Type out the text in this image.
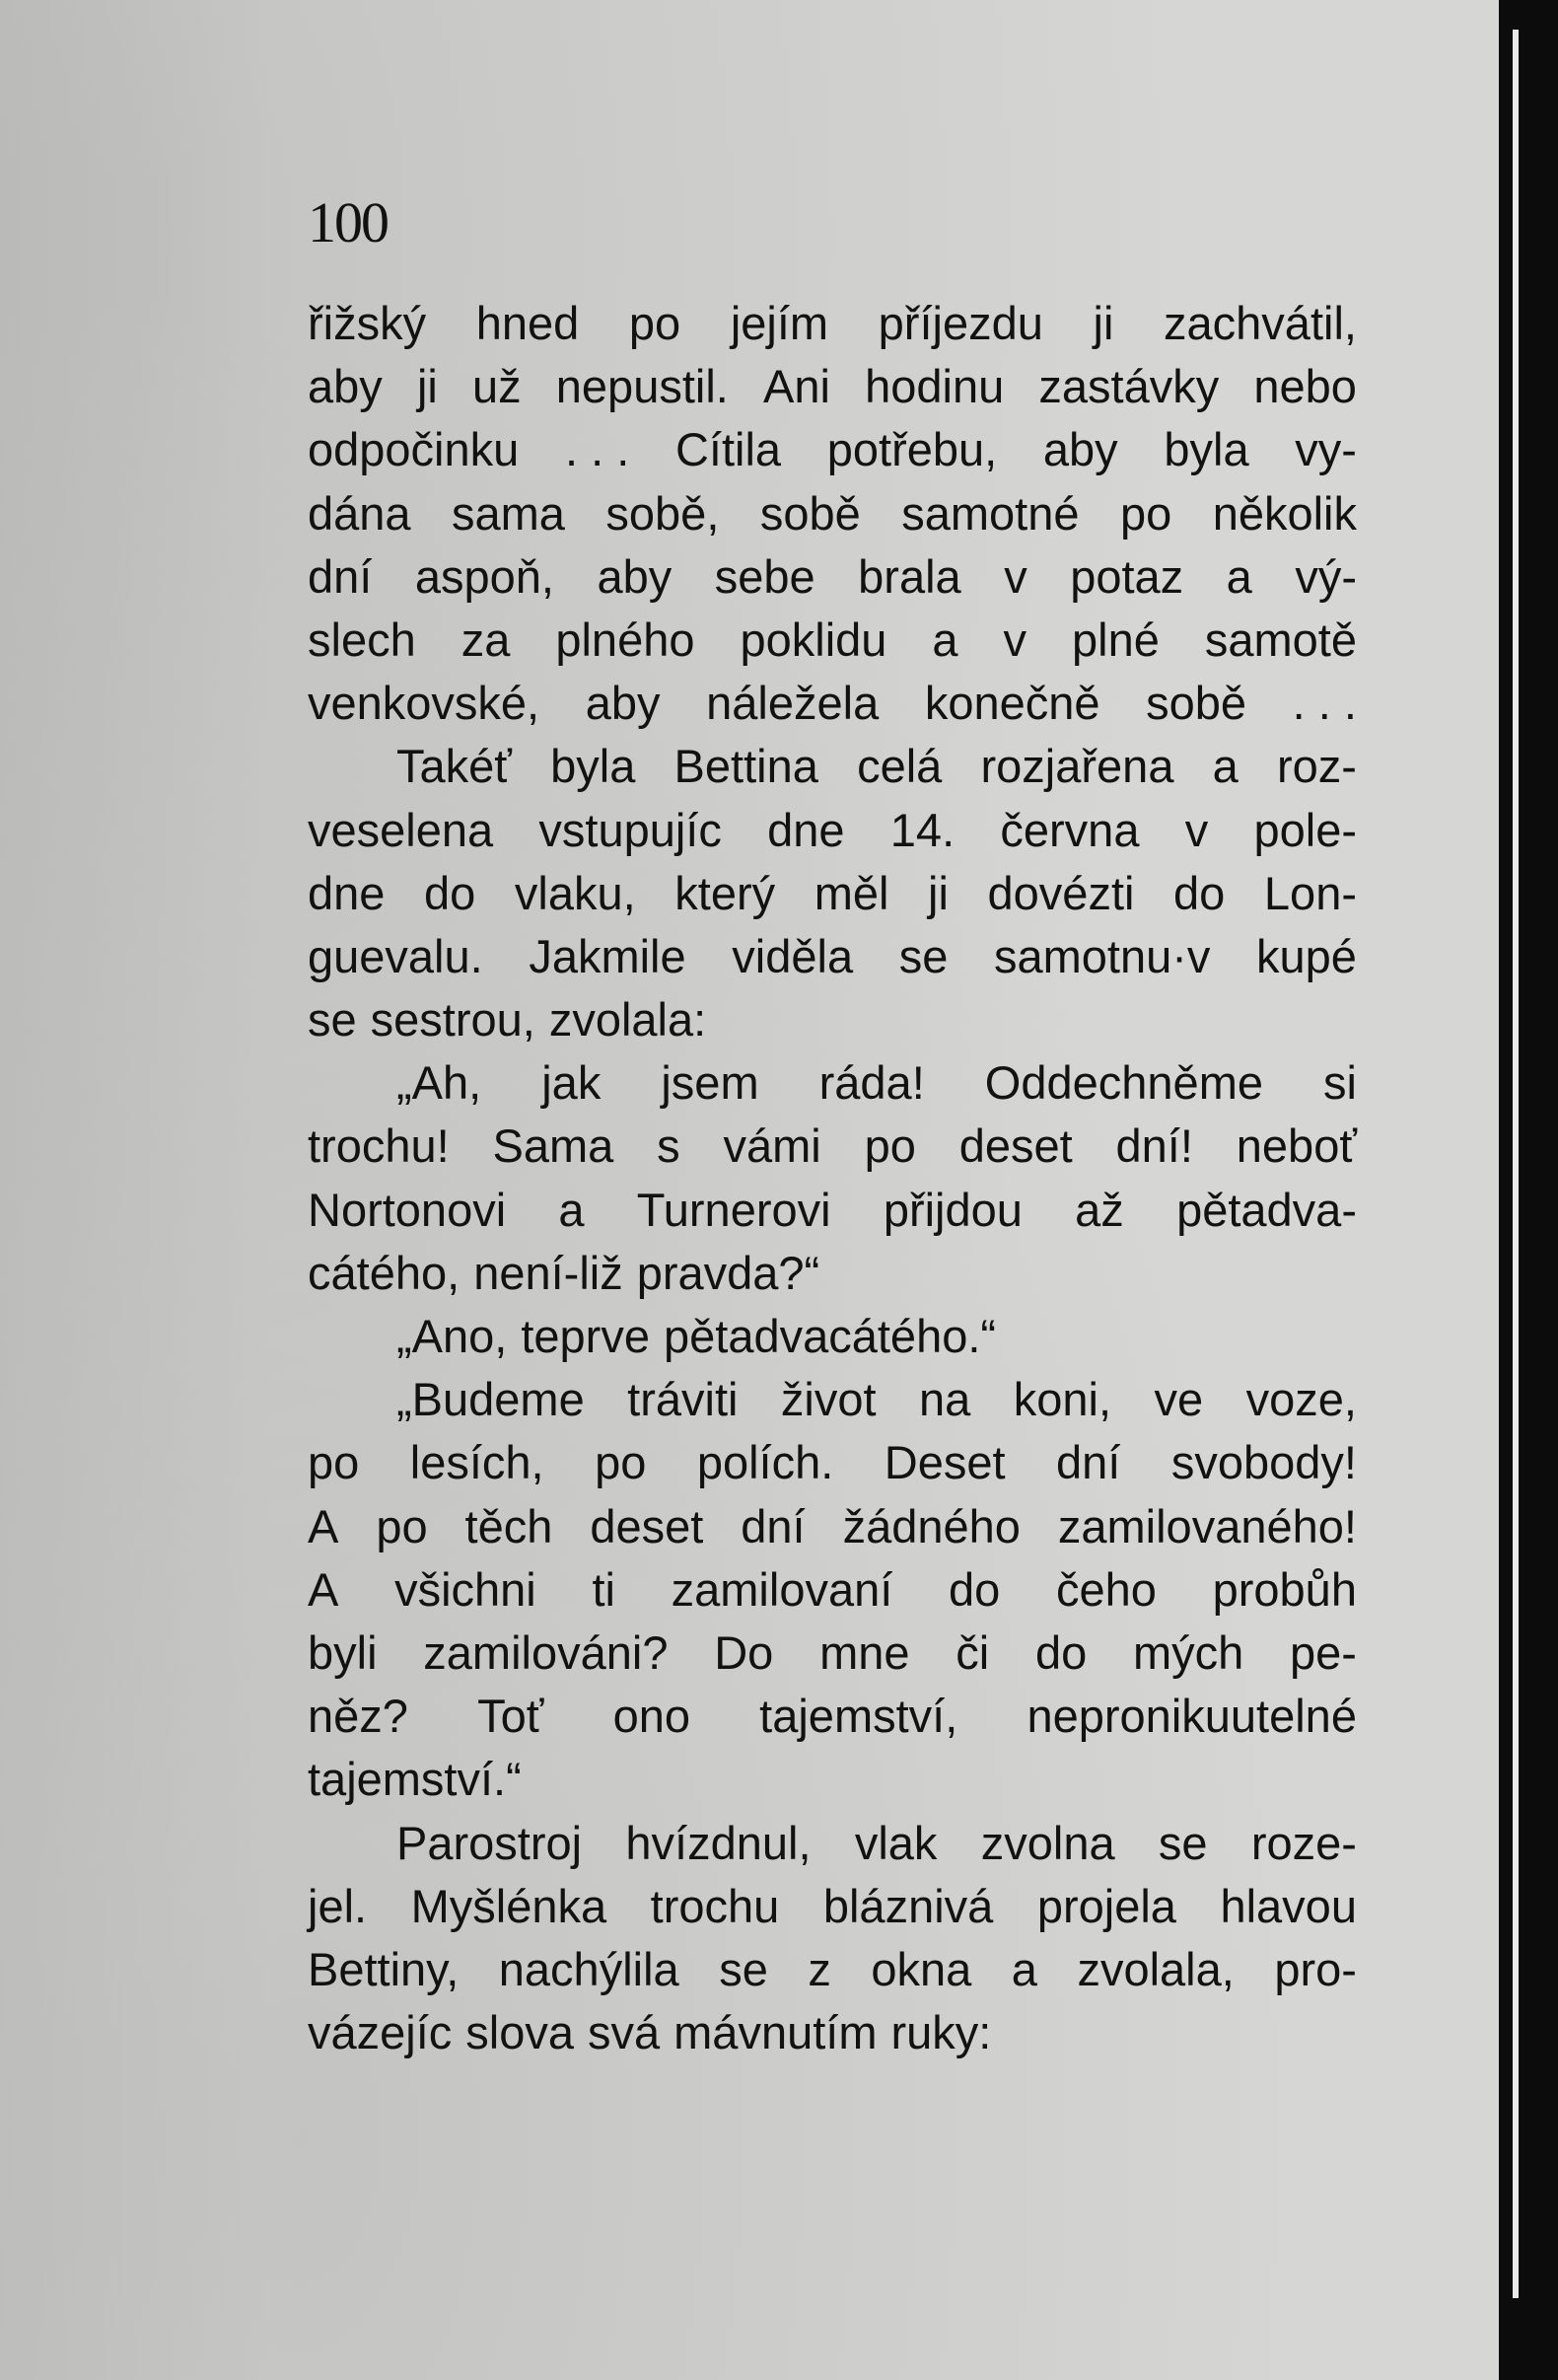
100
řižský hned po jejím příjezdu ji zachvátil,
aby ji už nepustil. Ani hodinu zastávky nebo
odpočinku . . . Cítila potřebu, aby byla vy-
dána sama sobě, sobě samotné po několik
dní aspoň, aby sebe brala v potaz a vý-
slech za plného poklidu a v plné samotě
venkovské, aby náležela konečně sobě . . .
Takéť byla Bettina celá rozjařena a roz-
veselena vstupujíc dne 14. června v pole-
dne do vlaku, který měl ji dovézti do Lon-
guevalu. Jakmile viděla se samotnu·v kupé
se sestrou, zvolala:
„Ah, jak jsem ráda! Oddechněme si
trochu! Sama s vámi po deset dní! neboť
Nortonovi a Turnerovi přijdou až pětadva-
cátého, není-liž pravda?“
„Ano, teprve pětadvacátého.“
„Budeme tráviti život na koni, ve voze,
po lesích, po polích. Deset dní svobody!
A po těch deset dní žádného zamilovaného!
A všichni ti zamilovaní do čeho probůh
byli zamilováni? Do mne či do mých pe-
něz? Toť ono tajemství, nepronikuutelné
tajemství.“
Parostroj hvízdnul, vlak zvolna se roze-
jel. Myšlénka trochu bláznivá projela hlavou
Bettiny, nachýlila se z okna a zvolala, pro-
vázejíc slova svá mávnutím ruky:
